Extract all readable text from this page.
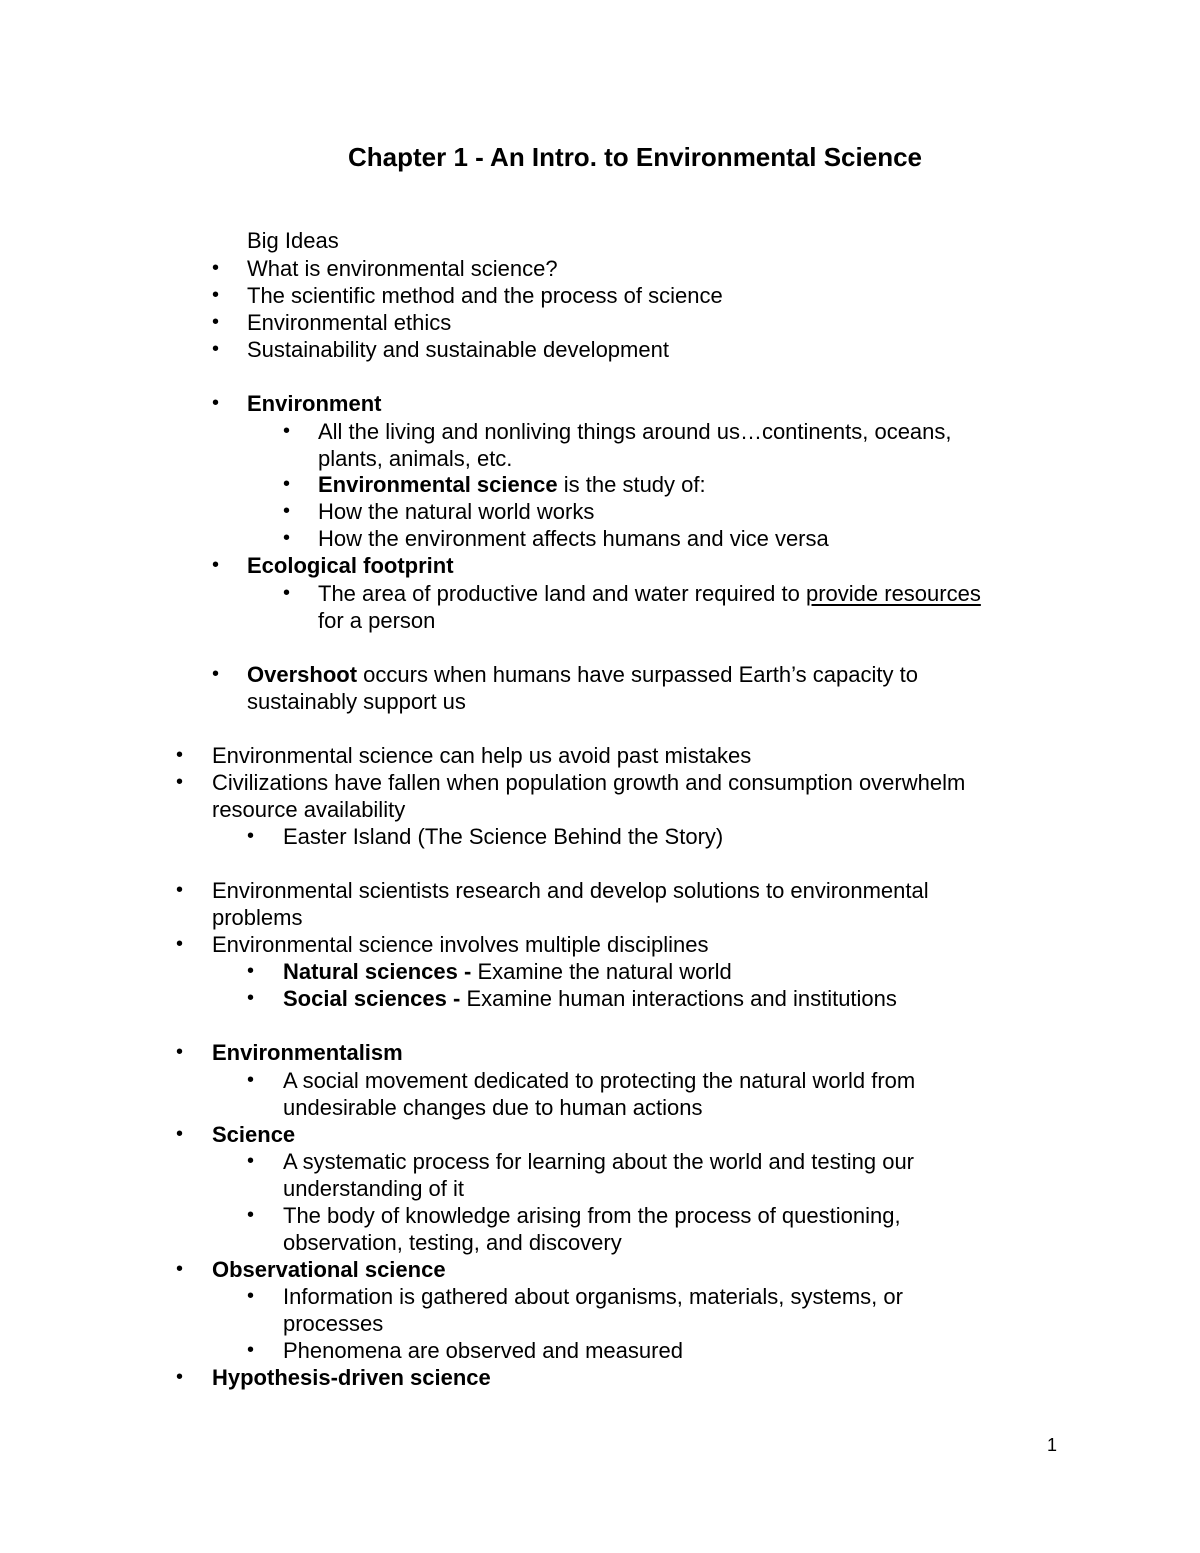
Chapter 1 - An Intro. to Environmental Science
Big Ideas
• What is environmental science?
• The scientific method and the process of science
• Environmental ethics
• Sustainability and sustainable development
• Environment
• All the living and nonliving things around us…continents, oceans,
plants, animals, etc.
• Environmental science is the study of:
• How the natural world works
• How the environment affects humans and vice versa
• Ecological footprint
• The area of productive land and water required to provide resources
for a person
• Overshoot occurs when humans have surpassed Earth’s capacity to
sustainably support us
• Environmental science can help us avoid past mistakes
• Civilizations have fallen when population growth and consumption overwhelm
resource availability
• Easter Island (The Science Behind the Story)
• Environmental scientists research and develop solutions to environmental
problems
• Environmental science involves multiple disciplines
• Natural sciences - Examine the natural world
• Social sciences - Examine human interactions and institutions
• Environmentalism
• A social movement dedicated to protecting the natural world from
undesirable changes due to human actions
• Science
• A systematic process for learning about the world and testing our
understanding of it
• The body of knowledge arising from the process of questioning,
observation, testing, and discovery
• Observational science
• Information is gathered about organisms, materials, systems, or
processes
• Phenomena are observed and measured
• Hypothesis-driven science
1
